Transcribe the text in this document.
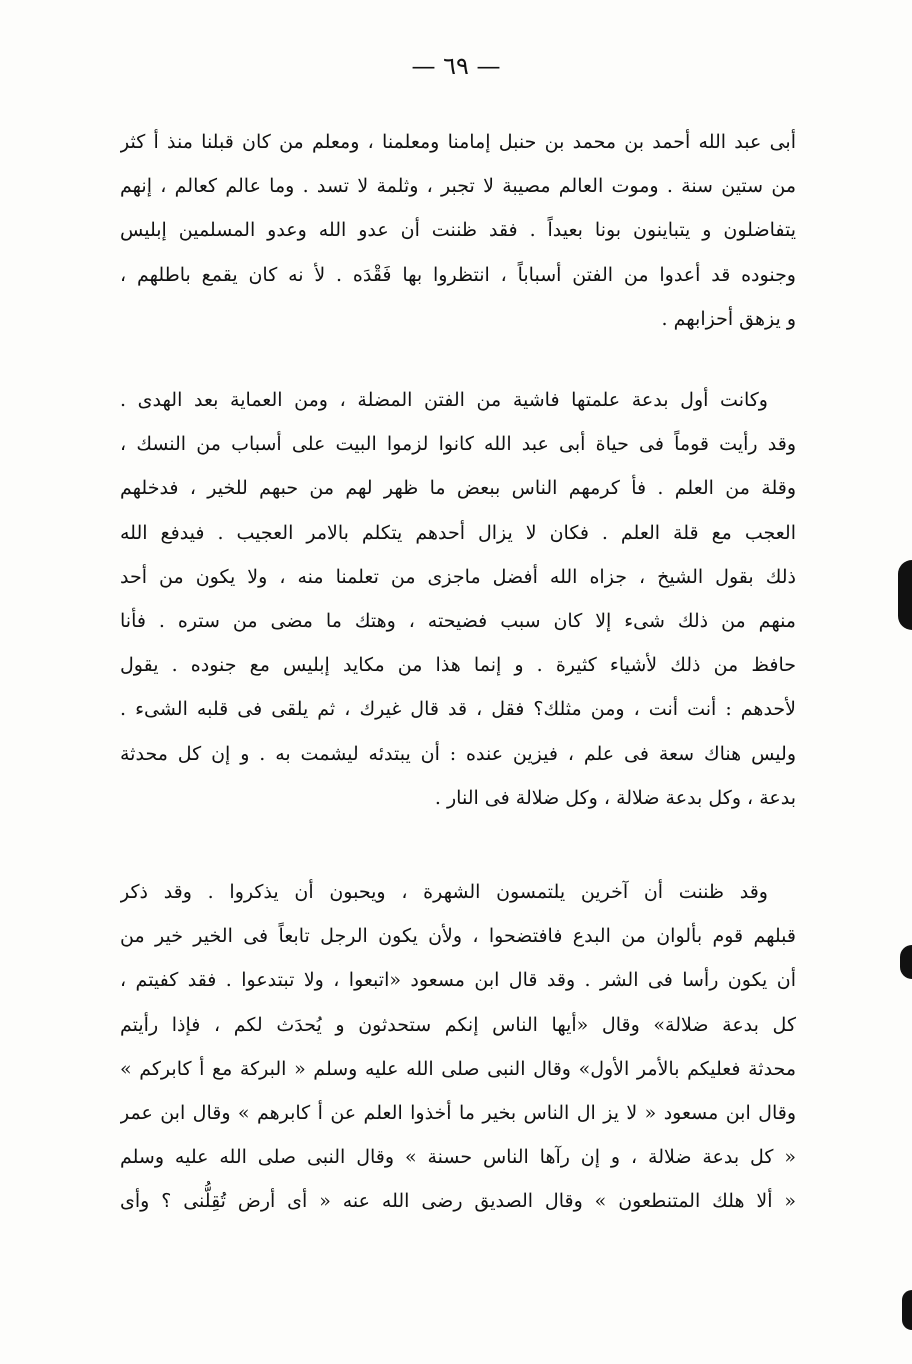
— ٦٩ —
أبى عبد الله أحمد بن محمد بن حنبل إمامنا ومعلمنا ، ومعلم من كان قبلنا منذ أ كثر
من ستين سنة . وموت العالم مصيبة لا تجبر ، وثلمة لا تسد . وما عالم كعالم ، إنهم
يتفاضلون و يتباينون بونا بعيداً . فقد ظننت أن عدو الله وعدو المسلمين إبليس
وجنوده قد أعدوا من الفتن أسباباً ، انتظروا بها فَقْدَه . لأ نه كان يقمع باطلهم ،
و يزهق أحزابهم .
وكانت أول بدعة علمتها فاشية من الفتن المضلة ، ومن العماية بعد الهدى .
وقد رأيت قوماً فى حياة أبى عبد الله كانوا لزموا البيت على أسباب من النسك ،
وقلة من العلم . فأ كرمهم الناس ببعض ما ظهر لهم من حبهم للخير ، فدخلهم
العجب مع قلة العلم . فكان لا يزال أحدهم يتكلم بالامر العجيب . فيدفع الله
ذلك بقول الشيخ ، جزاه الله أفضل ماجزى من تعلمنا منه ، ولا يكون من أحد
منهم من ذلك شىء إلا كان سبب فضيحته ، وهتك ما مضى من ستره . فأنا
حافظ من ذلك لأشياء كثيرة . و إنما هذا من مكايد إبليس مع جنوده . يقول
لأحدهم : أنت أنت ، ومن مثلك؟ فقل ، قد قال غيرك ، ثم يلقى فى قلبه الشىء .
وليس هناك سعة فى علم ، فيزين عنده : أن يبتدئه ليشمت به . و إن كل محدثة
بدعة ، وكل بدعة ضلالة ، وكل ضلالة فى النار .
وقد ظننت أن آخرين يلتمسون الشهرة ، ويحبون أن يذكروا . وقد ذكر
قبلهم قوم بألوان من البدع فافتضحوا ، ولأن يكون الرجل تابعاً فى الخير خير من
أن يكون رأسا فى الشر . وقد قال ابن مسعود «اتبعوا ، ولا تبتدعوا . فقد كفيتم ،
كل بدعة ضلالة» وقال «أيها الناس إنكم ستحدثون و يُحدَث لكم ، فإذا رأيتم
محدثة فعليكم بالأمر الأول» وقال النبى صلى الله عليه وسلم « البركة مع أ كابركم »
وقال ابن مسعود « لا يز ال الناس بخير ما أخذوا العلم عن أ كابرهم » وقال ابن عمر
« كل بدعة ضلالة ، و إن رآها الناس حسنة » وقال النبى صلى الله عليه وسلم
« ألا هلك المتنطعون » وقال الصديق رضى الله عنه « أى أرض تُقِلُّنى ؟ وأى
